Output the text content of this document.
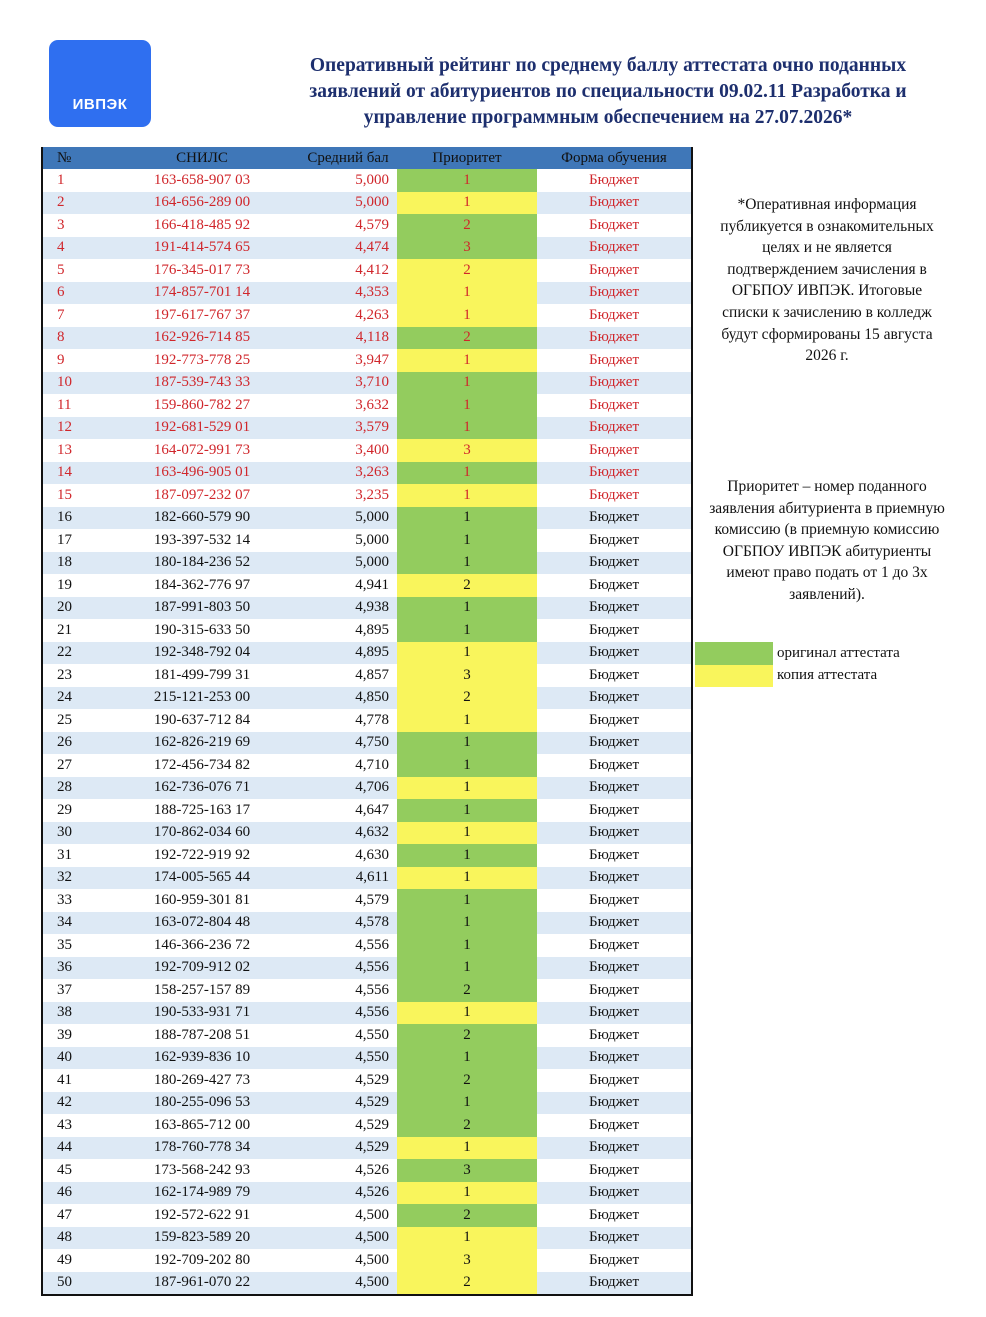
ИВПЭК
Оперативный рейтинг по среднему баллу аттестата очно поданных
заявлений от абитуриентов по специальности 09.02.11 Разработка и
управление программным обеспечением на 27.07.2026*
№	СНИЛС	Средний бал	Приоритет	Форма обучения
1	163-658-907 03	5,000	1	Бюджет
2	164-656-289 00	5,000	1	Бюджет
3	166-418-485 92	4,579	2	Бюджет
4	191-414-574 65	4,474	3	Бюджет
5	176-345-017 73	4,412	2	Бюджет
6	174-857-701 14	4,353	1	Бюджет
7	197-617-767 37	4,263	1	Бюджет
8	162-926-714 85	4,118	2	Бюджет
9	192-773-778 25	3,947	1	Бюджет
10	187-539-743 33	3,710	1	Бюджет
11	159-860-782 27	3,632	1	Бюджет
12	192-681-529 01	3,579	1	Бюджет
13	164-072-991 73	3,400	3	Бюджет
14	163-496-905 01	3,263	1	Бюджет
15	187-097-232 07	3,235	1	Бюджет
16	182-660-579 90	5,000	1	Бюджет
17	193-397-532 14	5,000	1	Бюджет
18	180-184-236 52	5,000	1	Бюджет
19	184-362-776 97	4,941	2	Бюджет
20	187-991-803 50	4,938	1	Бюджет
21	190-315-633 50	4,895	1	Бюджет
22	192-348-792 04	4,895	1	Бюджет
23	181-499-799 31	4,857	3	Бюджет
24	215-121-253 00	4,850	2	Бюджет
25	190-637-712 84	4,778	1	Бюджет
26	162-826-219 69	4,750	1	Бюджет
27	172-456-734 82	4,710	1	Бюджет
28	162-736-076 71	4,706	1	Бюджет
29	188-725-163 17	4,647	1	Бюджет
30	170-862-034 60	4,632	1	Бюджет
31	192-722-919 92	4,630	1	Бюджет
32	174-005-565 44	4,611	1	Бюджет
33	160-959-301 81	4,579	1	Бюджет
34	163-072-804 48	4,578	1	Бюджет
35	146-366-236 72	4,556	1	Бюджет
36	192-709-912 02	4,556	1	Бюджет
37	158-257-157 89	4,556	2	Бюджет
38	190-533-931 71	4,556	1	Бюджет
39	188-787-208 51	4,550	2	Бюджет
40	162-939-836 10	4,550	1	Бюджет
41	180-269-427 73	4,529	2	Бюджет
42	180-255-096 53	4,529	1	Бюджет
43	163-865-712 00	4,529	2	Бюджет
44	178-760-778 34	4,529	1	Бюджет
45	173-568-242 93	4,526	3	Бюджет
46	162-174-989 79	4,526	1	Бюджет
47	192-572-622 91	4,500	2	Бюджет
48	159-823-589 20	4,500	1	Бюджет
49	192-709-202 80	4,500	3	Бюджет
50	187-961-070 22	4,500	2	Бюджет
*Оперативная информация
публикуется в ознакомительных
целях и не является
подтверждением зачисления в
ОГБПОУ ИВПЭК. Итоговые
списки к зачислению в колледж
будут сформированы 15 августа
2026 г.
Приоритет – номер поданного
заявления абитуриента в приемную
комиссию (в приемную комиссию
ОГБПОУ ИВПЭК абитуриенты
имеют право подать от 1 до 3х
заявлений).
оригинал аттестата
копия аттестата
